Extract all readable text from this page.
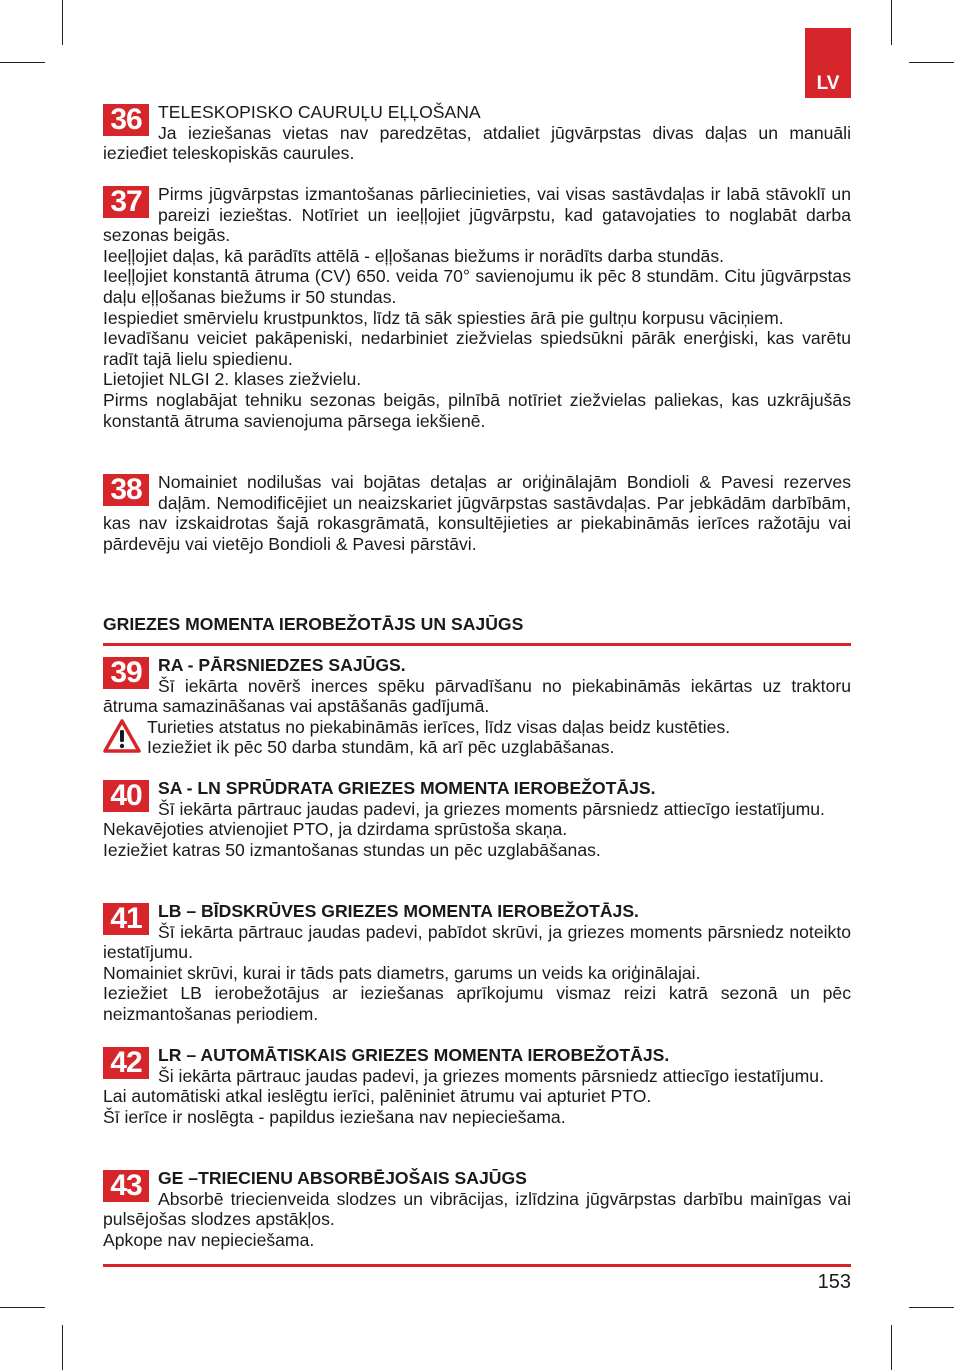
LV
36 TELESKOPISKO CAURUĻU EĻĻOŠANA

Ja ieziešanas vietas nav paredzētas, atdaliet jūgvārpstas divas daļas un manuāli iezieđiet teleskopiskās caurules.

37 Pirms jūgvārpstas izmantošanas pārliecinieties, vai visas sastāvdaļas ir labā stāvoklī un pareizi iezieštas. Notīriet un ieeļļojiet jūgvārpstu, kad gatavojaties to noglabāt darba sezonas beigās.

Ieeļļojiet daļas, kā parādīts attēlā - eļļošanas biežums ir norādīts darba stundās.

Ieeļļojiet konstantā ātruma (CV) 650. veida 70° savienojumu ik pēc 8 stundām. Citu jūgvārpstas daļu eļļošanas biežums ir 50 stundas.

Iespiediet smērvielu krustpunktos, līdz tā sāk spiesties ārā pie gultņu korpusu vāciņiem.

Ievadīšanu veiciet pakāpeniski, nedarbiniet ziežvielas spiedsūkni pārāk enerģiski, kas varētu radīt tajā lielu spiedienu.

Lietojiet NLGI 2. klases ziežvielu.

Pirms noglabājat tehniku sezonas beigās, pilnībā notīriet ziežvielas paliekas, kas uzkrājušās konstantā ātruma savienojuma pārsega iekšienē.

38 Nomainiet nodilušas vai bojātas detaļas ar oriģinālajām Bondioli & Pavesi rezerves daļām. Nemodificējiet un neaizskariet jūgvārpstas sastāvdaļas. Par jebkādām darbībām, kas nav izskaidrotas šajā rokasgrāmatā, konsultējieties ar piekabināmās ierīces ražotāju vai pārdevēju vai vietējo Bondioli & Pavesi pārstāvi.

GRIEZES MOMENTA IEROBEŽOTĀJS UN SAJŪGS
39 RA - PĀRSNIEDZES SAJŪGS.

Šī iekārta novērš inerces spēku pārvadīšanu no piekabināmās iekārtas uz traktoru ātruma samazināšanas vai apstāšanās gadījumā.

Turieties atstatus no piekabināmās ierīces, līdz visas daļas beidz kustēties.

Ieziežiet ik pēc 50 darba stundām, kā arī pēc uzglabāšanas.

40 SA - LN SPRŪDRATA GRIEZES MOMENTA IEROBEŽOTĀJS.

Šī iekārta pārtrauc jaudas padevi, ja griezes moments pārsniedz attiecīgo iestatījumu.

Nekavējoties atvienojiet PTO, ja dzirdama sprūstoša skaņa.

Ieziežiet katras 50 izmantošanas stundas un pēc uzglabāšanas.

41 LB – BĪDSKRŪVES GRIEZES MOMENTA IEROBEŽOTĀJS.

Šī iekārta pārtrauc jaudas padevi, pabīdot skrūvi, ja griezes moments pārsniedz noteikto iestatījumu.

Nomainiet skrūvi, kurai ir tāds pats diametrs, garums un veids ka oriģinālajai.

Ieziežiet LB ierobežotājus ar ieziešanas aprīkojumu vismaz reizi katrā sezonā un pēc neizmantošanas periodiem.

42 LR – AUTOMĀTISKAIS GRIEZES MOMENTA IEROBEŽOTĀJS.

Ši iekārta pārtrauc jaudas padevi, ja griezes moments pārsniedz attiecīgo iestatījumu.

Lai automātiski atkal ieslēgtu ierīci, palēniniet ātrumu vai apturiet PTO.

Šī ierīce ir noslēgta - papildus ieziešana nav nepieciešama.

43 GE –TRIECIENU ABSORBĒJOŠAIS SAJŪGS

Absorbē triecienveida slodzes un vibrācijas, izlīdzina jūgvārpstas darbību mainīgas vai pulsējošas slodzes apstākļos.

Apkope nav nepieciešama.

153
